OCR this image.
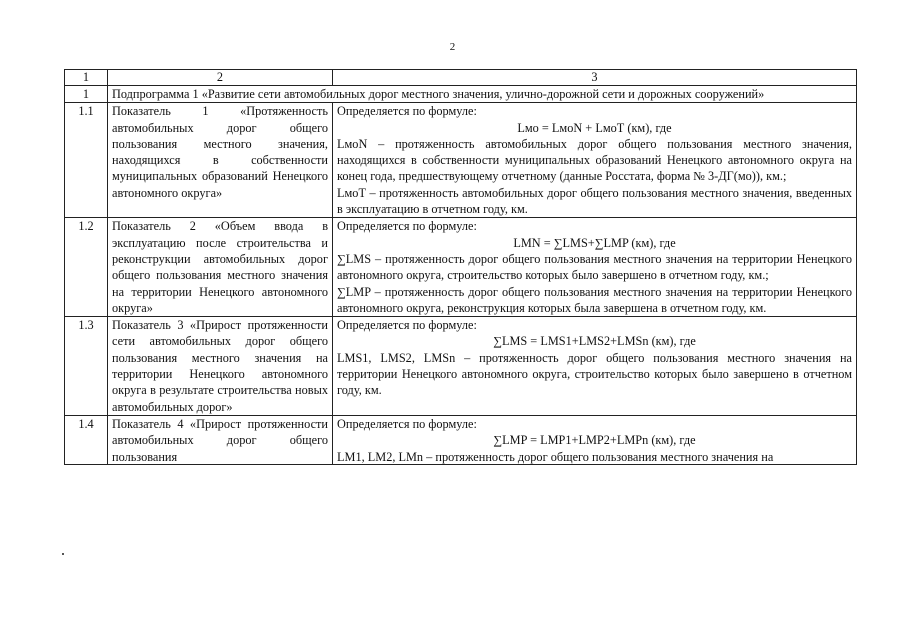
2
1	2	3
1	Подпрограмма 1 «Развитие сети автомобильных дорог местного значения, улично-дорожной сети и дорожных сооружений»	
1.1	Показатель 1 «Протяженность автомобильных дорог общего пользования местного значения, находящихся в собственности муниципальных образований Ненецкого автономного округа»	Определяется по формуле:
Lмо = LмоN + LмоТ (км), где
LмоN – протяженность автомобильных дорог общего пользования местного значения, находящихся в собственности муниципальных образований Ненецкого автономного округа на конец года, предшествующему отчетному (данные Росстата, форма № 3-ДГ(мо)), км.;
LмоТ – протяженность автомобильных дорог общего пользования местного значения, введенных в эксплуатацию в отчетном году, км.

1.2	Показатель 2 «Объем ввода в эксплуатацию после строительства и реконструкции автомобильных дорог общего пользования местного значения на территории Ненецкого автономного округа»	Определяется по формуле:
LMN = ∑LMS+∑LMP (км), где
∑LMS – протяженность дорог общего пользования местного значения на территории Ненецкого автономного округа, строительство которых было завершено в отчетном году, км.;
∑LMP – протяженность дорог общего пользования местного значения на территории Ненецкого автономного округа, реконструкция которых была завершена в отчетном году, км.

1.3	Показатель 3 «Прирост протяженности сети автомобильных дорог общего пользования местного значения на территории Ненецкого автономного округа в результате строительства новых автомобильных дорог»	Определяется по формуле:
∑LMS = LMS1+LMS2+LMSn (км), где
LMS1, LMS2, LMSn – протяженность дорог общего пользования местного значения на территории Ненецкого автономного округа, строительство которых было завершено в отчетном году, км.

1.4	Показатель 4 «Прирост протяженности автомобильных дорог общего пользования	Определяется по формуле:
∑LMP = LMP1+LMP2+LMPn (км), где
LM1, LM2, LMn – протяженность дорог общего пользования местного значения на
